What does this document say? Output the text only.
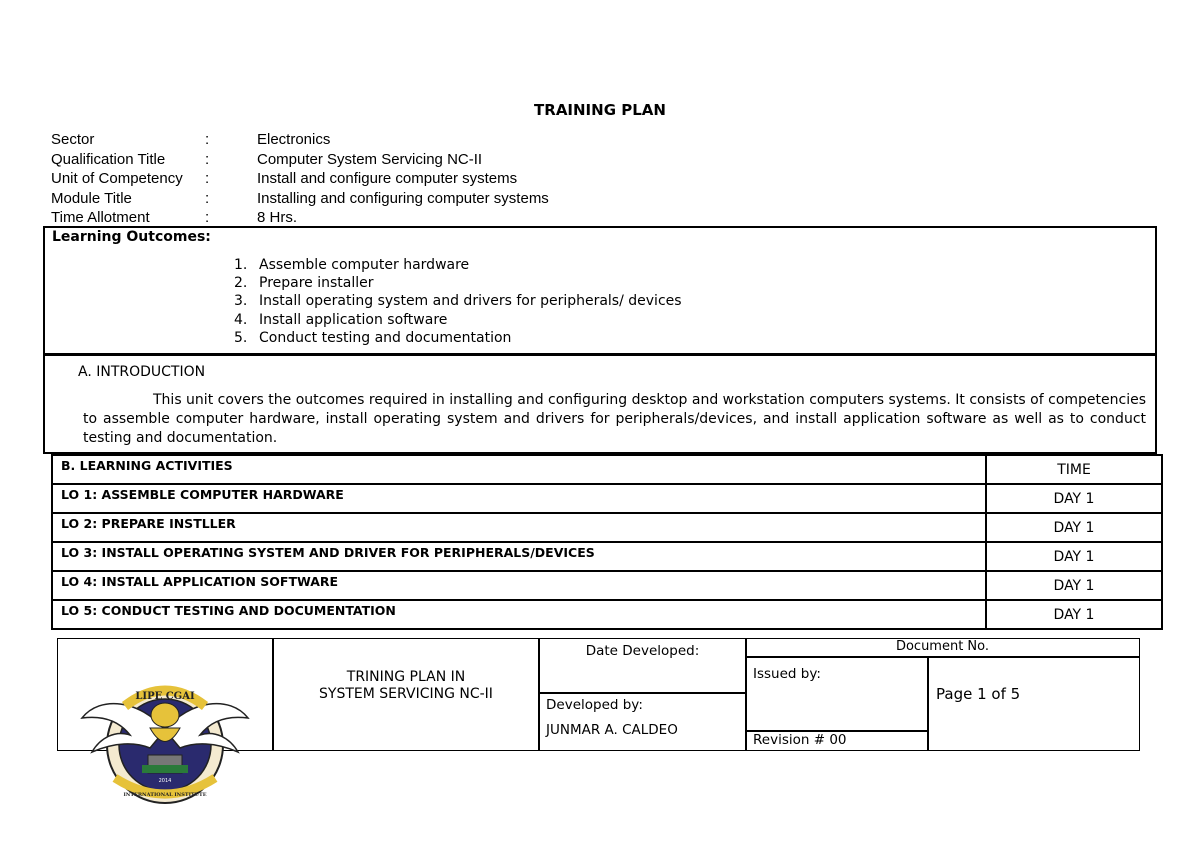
TRAINING PLAN
Sector	:	Electronics
Qualification Title	:	Computer System Servicing NC-II
Unit of Competency :	Install and configure computer systems
Module Title	:	Installing and configuring computer systems
Time Allotment	:	8 Hrs.
Learning Outcomes:
1. Assemble computer hardware
2. Prepare installer
3. Install operating system and drivers for peripherals/ devices
4. Install application software
5. Conduct testing and documentation
A. INTRODUCTION
This unit covers the outcomes required in installing and configuring desktop and workstation computers systems. It consists of competencies to assemble computer hardware, install operating system and drivers for peripherals/devices, and install application software as well as to conduct testing and documentation.
B. LEARNING ACTIVITIES	TIME
LO 1: ASSEMBLE COMPUTER HARDWARE	DAY 1
LO 2: PREPARE INSTLLER	DAY 1
LO 3: INSTALL OPERATING SYSTEM AND DRIVER FOR PERIPHERALS/DEVICES	DAY 1
LO 4: INSTALL APPLICATION SOFTWARE	DAY 1
LO 5: CONDUCT TESTING AND DOCUMENTATION	DAY 1
LIPE CGAI
INTERNATIONAL INSTITUTE
2014
TRINING PLAN IN
SYSTEM SERVICING NC-II
Date Developed:
Developed by:
JUNMAR A. CALDEO
Document No.
Issued by:
Revision # 00
Page 1 of 5
